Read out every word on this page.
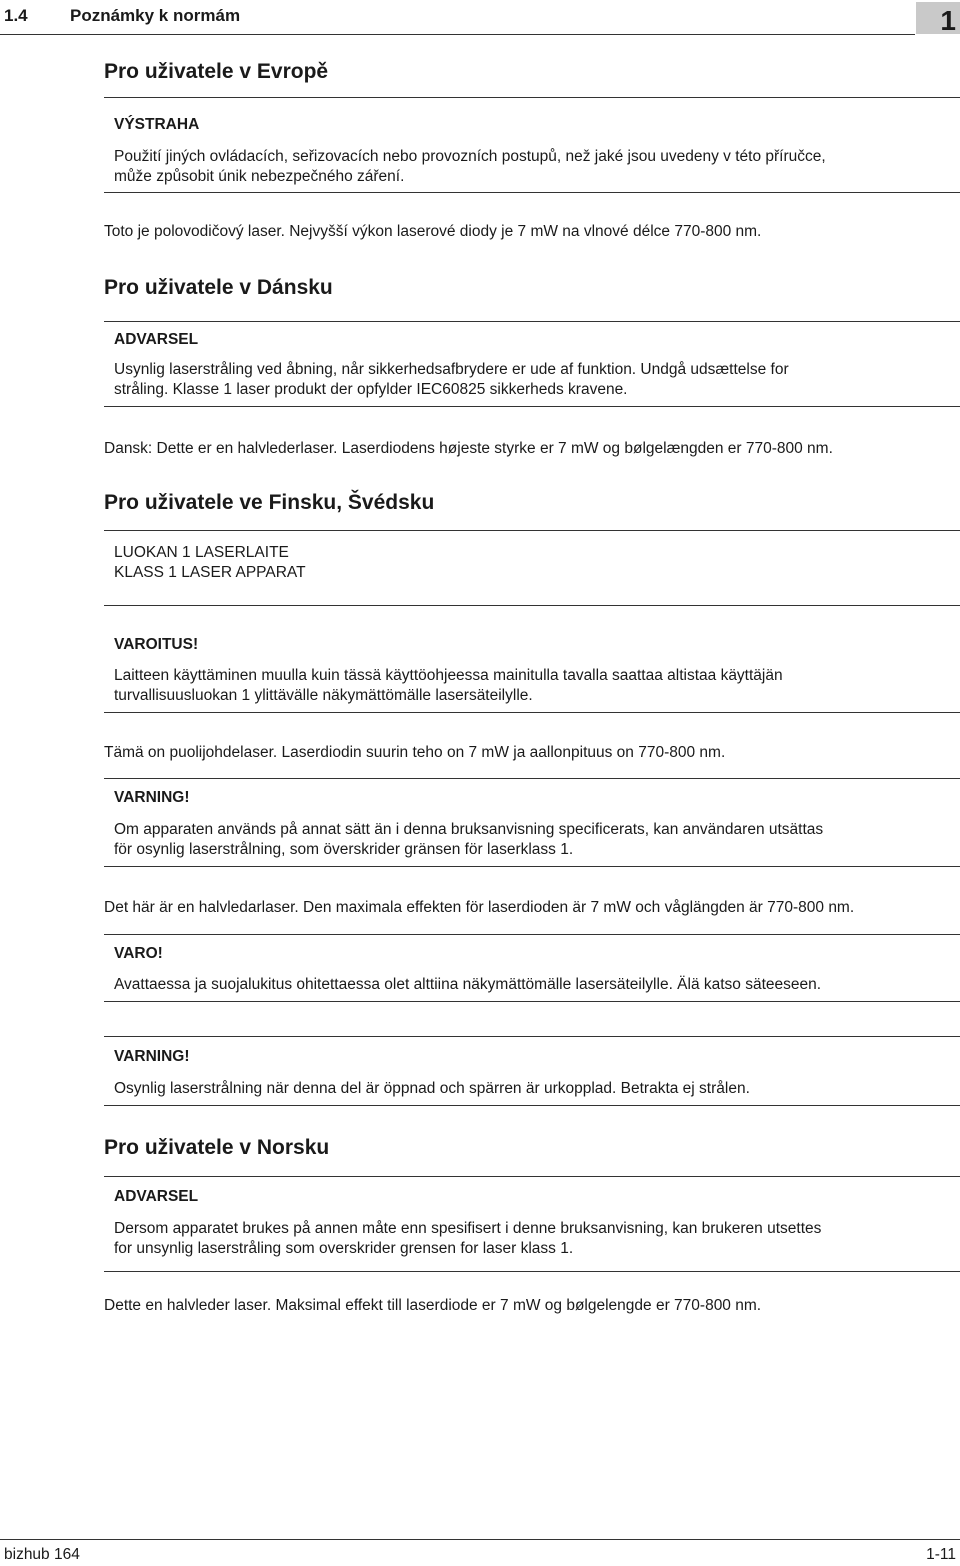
1.4 Poznámky k normám	1
Pro uživatele v Evropě

VÝSTRAHA

Použití jiných ovládacích, seřizovacích nebo provozních postupů, než jaké jsou uvedeny v této příručce,

může způsobit únik nebezpečného záření.

Toto je polovodičový laser. Nejvyšší výkon laserové diody je 7 mW na vlnové délce 770-800 nm.

Pro uživatele v Dánsku

ADVARSEL

Usynlig laserstråling ved åbning, når sikkerhedsafbrydere er ude af funktion. Undgå udsættelse for

stråling. Klasse 1 laser produkt der opfylder IEC60825 sikkerheds kravene.

Dansk: Dette er en halvlederlaser. Laserdiodens højeste styrke er 7 mW og bølgelængden er 770-800 nm.

Pro uživatele ve Finsku, Švédsku

LUOKAN 1 LASERLAITE

KLASS 1 LASER APPARAT

VAROITUS!

Laitteen käyttäminen muulla kuin tässä käyttöohjeessa mainitulla tavalla saattaa altistaa käyttäjän

turvallisuusluokan 1 ylittävälle näkymättömälle lasersäteilylle.

Tämä on puolijohdelaser. Laserdiodin suurin teho on 7 mW ja aallonpituus on 770-800 nm.

VARNING!

Om apparaten används på annat sätt än i denna bruksanvisning specificerats, kan användaren utsättas

för osynlig laserstrålning, som överskrider gränsen för laserklass 1.

Det här är en halvledarlaser. Den maximala effekten för laserdioden är 7 mW och våglängden är 770-800 nm.

VARO!

Avattaessa ja suojalukitus ohitettaessa olet alttiina näkymättömälle lasersäteilylle. Älä katso säteeseen.

VARNING!

Osynlig laserstrålning när denna del är öppnad och spärren är urkopplad. Betrakta ej strålen.

Pro uživatele v Norsku

ADVARSEL

Dersom apparatet brukes på annen måte enn spesifisert i denne bruksanvisning, kan brukeren utsettes

for unsynlig laserstråling som overskrider grensen for laser klass 1.

Dette en halvleder laser. Maksimal effekt till laserdiode er 7 mW og bølgelengde er 770-800 nm.

bizhub 164	1-11
